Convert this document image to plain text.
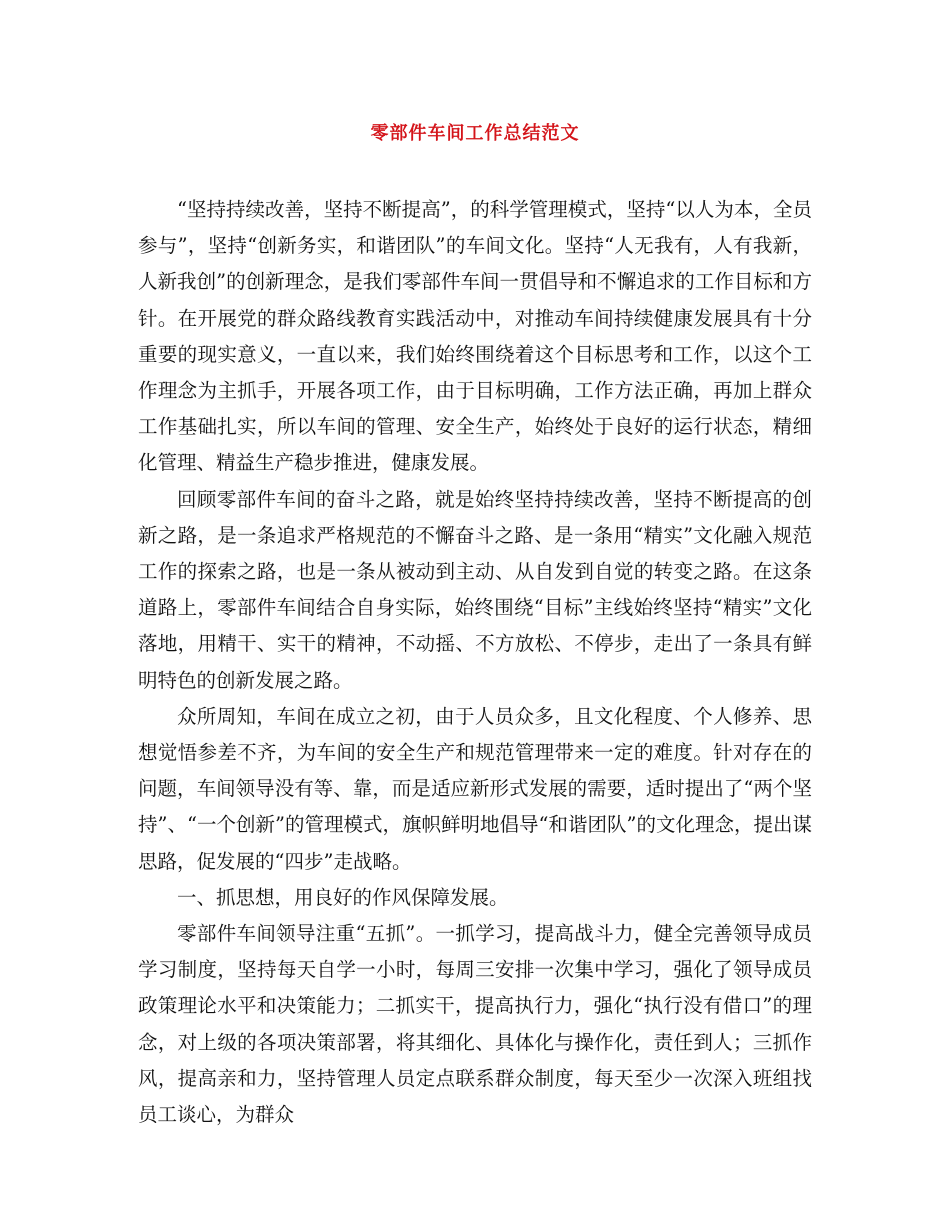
零部件车间工作总结范文

“坚持持续改善，坚持不断提高”，的科学管理模式，坚持“以人为本，全员参与”，坚持“创新务实，和谐团队”的车间文化。坚持“人无我有，人有我新，人新我创”的创新理念，是我们零部件车间一贯倡导和不懈追求的工作目标和方针。在开展党的群众路线教育实践活动中，对推动车间持续健康发展具有十分重要的现实意义，一直以来，我们始终围绕着这个目标思考和工作，以这个工作理念为主抓手，开展各项工作，由于目标明确，工作方法正确，再加上群众工作基础扎实，所以车间的管理、安全生产，始终处于良好的运行状态，精细化管理、精益生产稳步推进，健康发展。

回顾零部件车间的奋斗之路，就是始终坚持持续改善，坚持不断提高的创新之路，是一条追求严格规范的不懈奋斗之路、是一条用“精实”文化融入规范工作的探索之路，也是一条从被动到主动、从自发到自觉的转变之路。在这条道路上，零部件车间结合自身实际，始终围绕“目标”主线始终坚持“精实”文化落地，用精干、实干的精神，不动摇、不方放松、不停步，走出了一条具有鲜明特色的创新发展之路。

众所周知，车间在成立之初，由于人员众多，且文化程度、个人修养、思想觉悟参差不齐，为车间的安全生产和规范管理带来一定的难度。针对存在的问题，车间领导没有等、靠，而是适应新形式发展的需要，适时提出了“两个坚持”、“一个创新”的管理模式，旗帜鲜明地倡导“和谐团队”的文化理念，提出谋思路，促发展的“四步”走战略。

一、抓思想，用良好的作风保障发展。

零部件车间领导注重“五抓”。一抓学习，提高战斗力，健全完善领导成员学习制度，坚持每天自学一小时，每周三安排一次集中学习，强化了领导成员政策理论水平和决策能力；二抓实干，提高执行力，强化“执行没有借口”的理念，对上级的各项决策部署，将其细化、具体化与操作化，责任到人；三抓作风，提高亲和力，坚持管理人员定点联系群众制度，每天至少一次深入班组找员工谈心，为群众
